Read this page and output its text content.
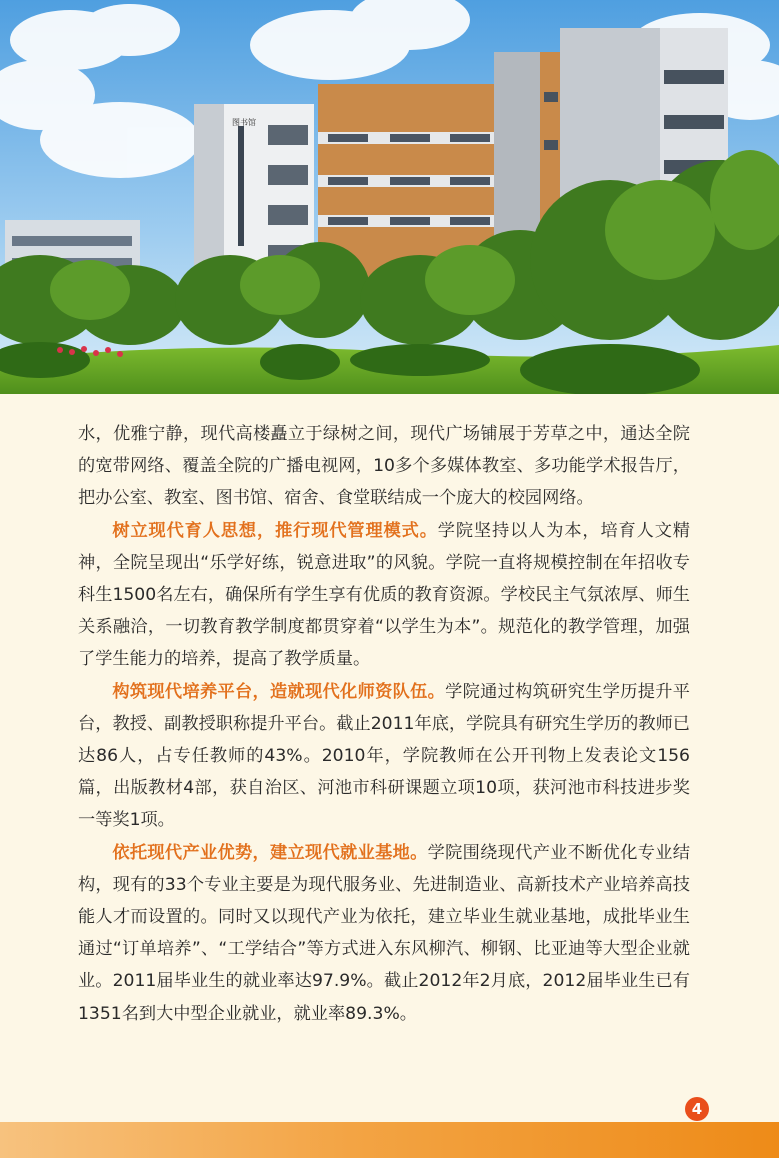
图书馆

水，优雅宁静，现代高楼矗立于绿树之间，现代广场铺展于芳草之中，通达全院的宽带网络、覆盖全院的广播电视网，10多个多媒体教室、多功能学术报告厅，把办公室、教室、图书馆、宿舍、食堂联结成一个庞大的校园网络。

树立现代育人思想，推行现代管理模式。学院坚持以人为本，培育人文精神，全院呈现出“乐学好练，锐意进取”的风貌。学院一直将规模控制在年招收专科生1500名左右，确保所有学生享有优质的教育资源。学校民主气氛浓厚、师生关系融洽，一切教育教学制度都贯穿着“以学生为本”。规范化的教学管理，加强了学生能力的培养，提高了教学质量。

构筑现代培养平台，造就现代化师资队伍。学院通过构筑研究生学历提升平台，教授、副教授职称提升平台。截止2011年底，学院具有研究生学历的教师已达86人，占专任教师的43%。2010年，学院教师在公开刊物上发表论文156篇，出版教材4部，获自治区、河池市科研课题立项10项，获河池市科技进步奖一等奖1项。

依托现代产业优势，建立现代就业基地。学院围绕现代产业不断优化专业结构，现有的33个专业主要是为现代服务业、先进制造业、高新技术产业培养高技能人才而设置的。同时又以现代产业为依托，建立毕业生就业基地，成批毕业生通过“订单培养”、“工学结合”等方式进入东风柳汽、柳钢、比亚迪等大型企业就业。2011届毕业生的就业率达97.9%。截止2012年2月底，2012届毕业生已有1351名到大中型企业就业，就业率89.3%。

4
